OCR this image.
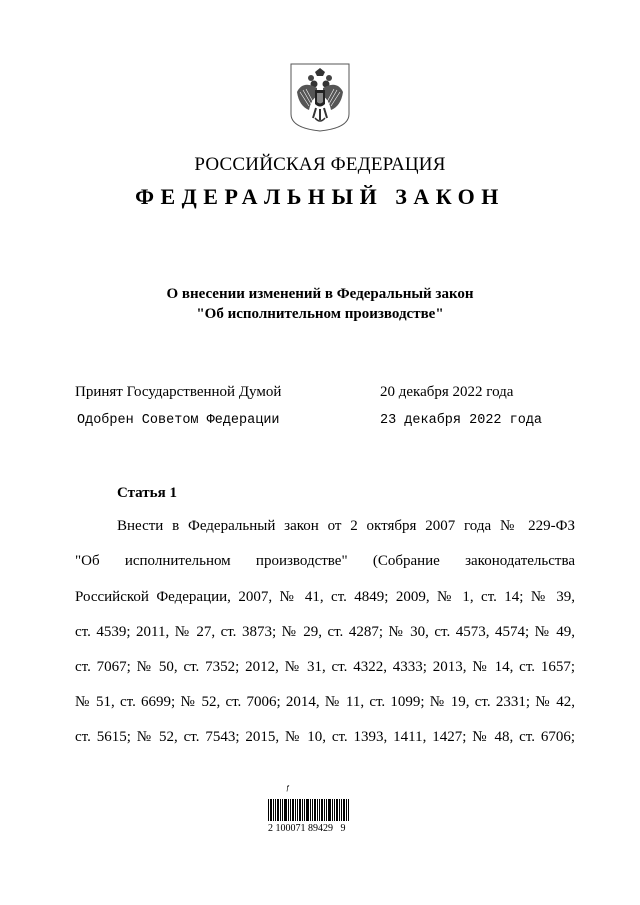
РОССИЙСКАЯ ФЕДЕРАЦИЯ
ФЕДЕРАЛЬНЫЙ ЗАКОН
О внесении изменений в Федеральный закон
"Об исполнительном производстве"
Принят Государственной Думой	20 декабря 2022 года
Одобрен Советом Федерации	23 декабря 2022 года
Статья 1
Внести в Федеральный закон от 2 октября 2007 года № 229-ФЗ
"Об исполнительном производстве" (Собрание законодательства
Российской Федерации, 2007, № 41, ст. 4849; 2009, № 1, ст. 14; № 39,
ст. 4539; 2011, № 27, ст. 3873; № 29, ст. 4287; № 30, ст. 4573, 4574; № 49,
ст. 7067; № 50, ст. 7352; 2012, № 31, ст. 4322, 4333; 2013, № 14, ст. 1657;
№ 51, ст. 6699; № 52, ст. 7006; 2014, № 11, ст. 1099; № 19, ст. 2331; № 42,
ст. 5615; № 52, ст. 7543; 2015, № 10, ст. 1393, 1411, 1427; № 48, ст. 6706;
ƒ
2 100071 89429   9
